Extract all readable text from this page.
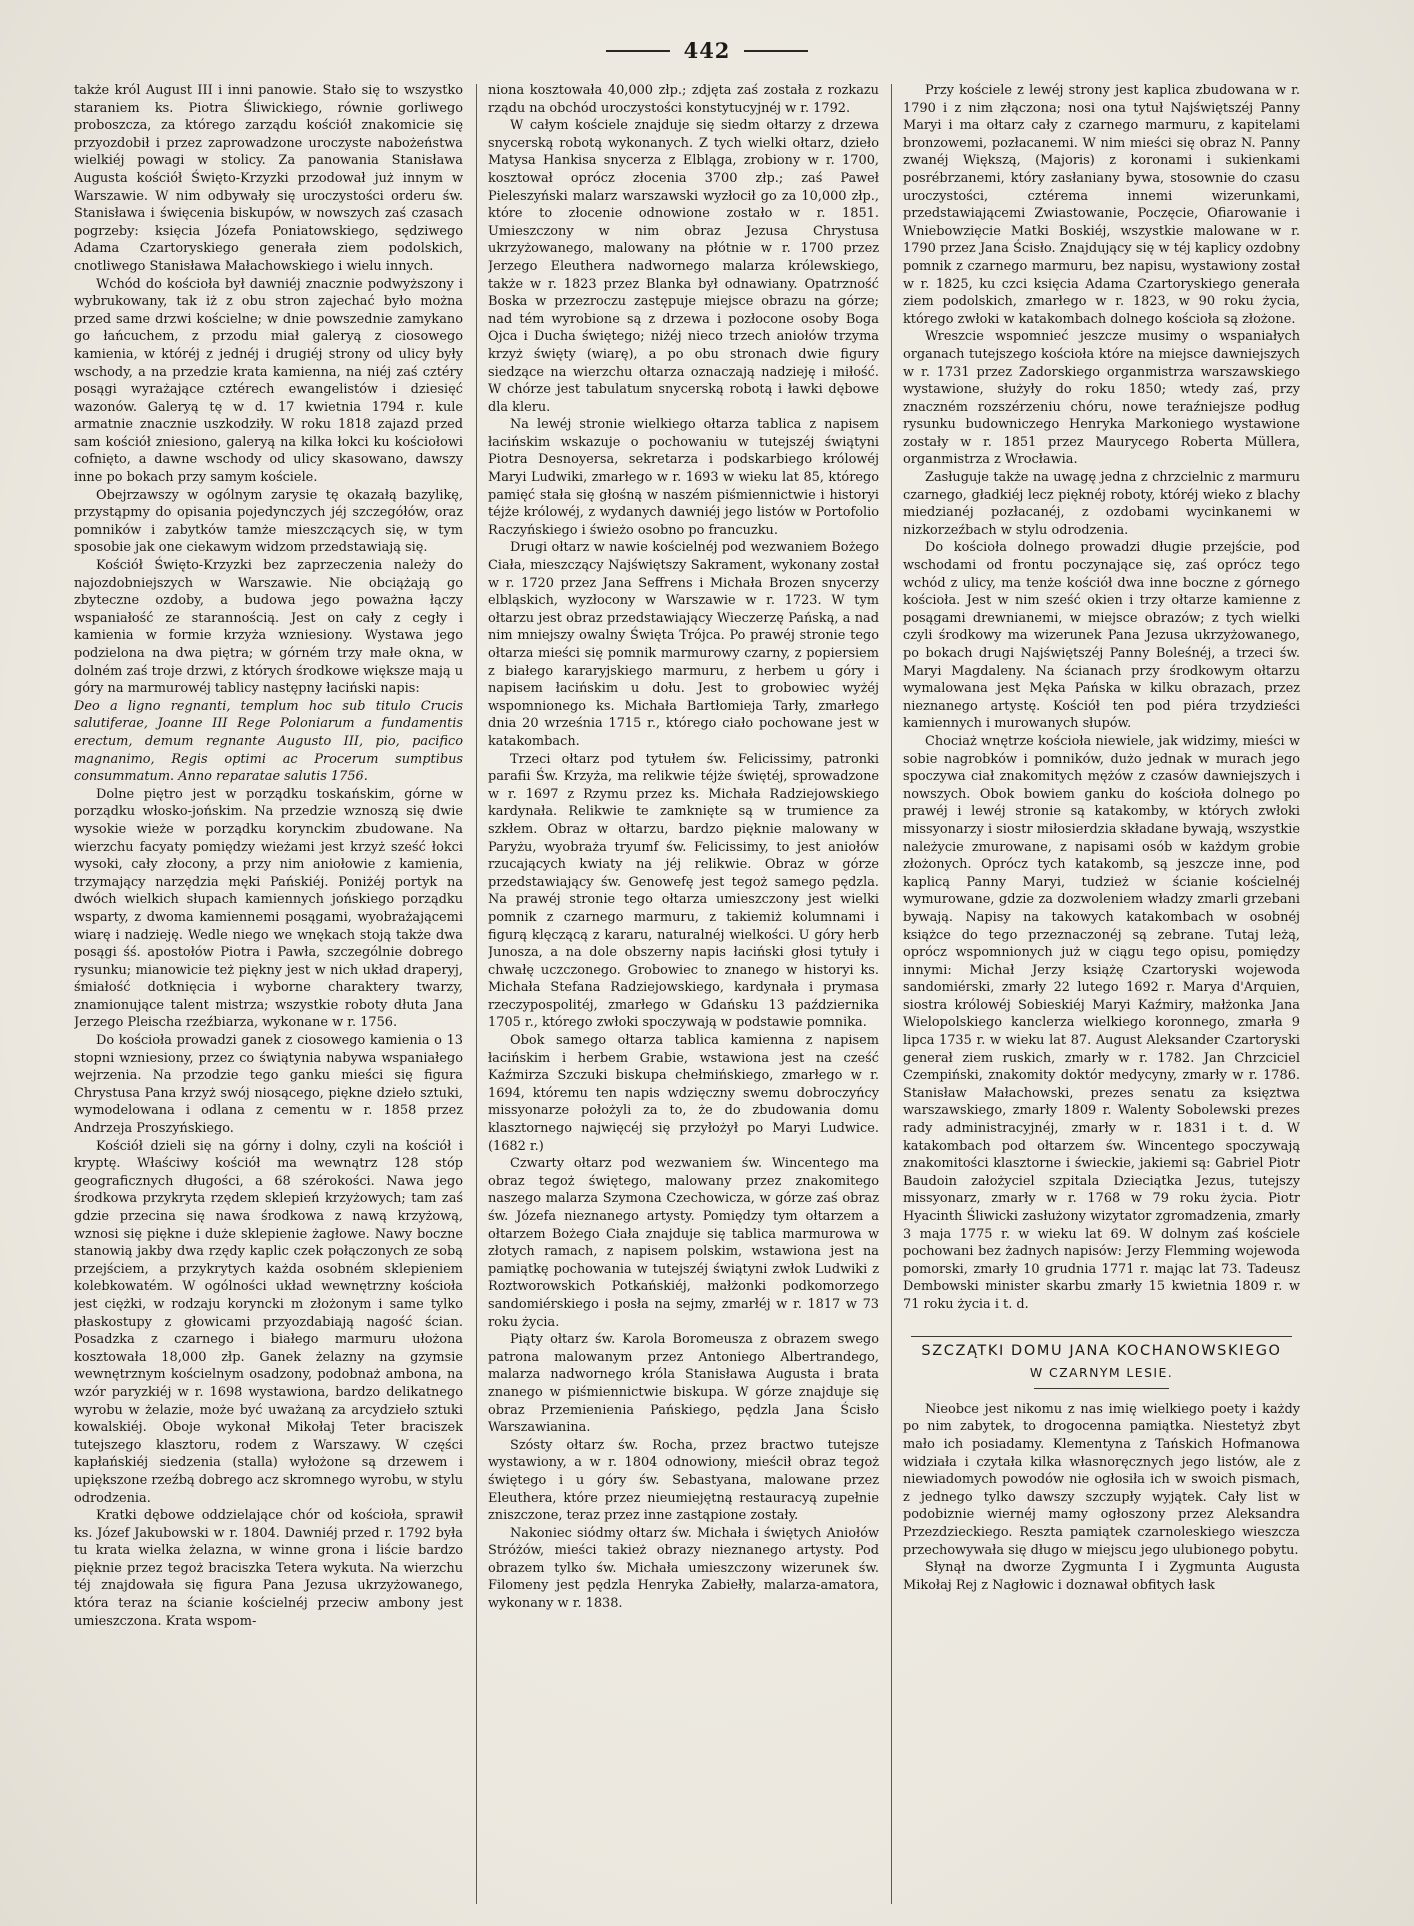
442

także król August III i inni panowie. Stało się to wszystko staraniem ks. Piotra Śliwickiego, równie gorliwego proboszcza, za którego zarządu kościół znakomicie się przyozdobił i przez zaprowadzone uroczyste nabożeństwa wielkiéj powagi w stolicy. Za panowania Stanisława Augusta kościół Święto-Krzyzki przodował już innym w Warszawie. W nim odbywały się uroczystości orderu św. Stanisława i święcenia biskupów, w nowszych zaś czasach pogrzeby: księcia Józefa Poniatowskiego, sędziwego Adama Czartoryskiego generała ziem podolskich, cnotliwego Stanisława Małachowskiego i wielu innych.

Wchód do kościoła był dawniéj znacznie podwyższony i wybrukowany, tak iż z obu stron zajechać było można przed same drzwi kościelne; w dnie powszednie zamykano go łańcuchem, z przodu miał galeryą z ciosowego kamienia, w któréj z jednéj i drugiéj strony od ulicy były wschody, a na przedzie krata kamienna, na niéj zaś cztéry posągi wyrażające cztérech ewangelistów i dziesięć wazonów. Galeryą tę w d. 17 kwietnia 1794 r. kule armatnie znacznie uszkodziły. W roku 1818 zajazd przed sam kościół zniesiono, galeryą na kilka łokci ku kościołowi cofnięto, a dawne wschody od ulicy skasowano, dawszy inne po bokach przy samym kościele.

Obejrzawszy w ogólnym zarysie tę okazałą bazylikę, przystąpmy do opisania pojedynczych jéj szczegółów, oraz pomników i zabytków tamże mieszczących się, w tym sposobie jak one ciekawym widzom przedstawiają się.

Kościół Święto-Krzyzki bez zaprzeczenia należy do najozdobniejszych w Warszawie. Nie obciążają go zbyteczne ozdoby, a budowa jego poważna łączy wspaniałość ze starannością. Jest on cały z cegły i kamienia w formie krzyża wzniesiony. Wystawa jego podzielona na dwa piętra; w górném trzy małe okna, w dolném zaś troje drzwi, z których środkowe większe mają u góry na marmurowéj tablicy następny łaciński napis:

Deo a ligno regnanti, templum hoc sub titulo Crucis salutiferae, Joanne III Rege Poloniarum a fundamentis erectum, demum regnante Augusto III, pio, pacifico magnanimo, Regis optimi ac Procerum sumptibus consummatum. Anno reparatae salutis 1756.

Dolne piętro jest w porządku toskańskim, górne w porządku włosko-jońskim. Na przedzie wznoszą się dwie wysokie wieże w porządku korynckim zbudowane. Na wierzchu facyaty pomiędzy wieżami jest krzyż sześć łokci wysoki, cały złocony, a przy nim aniołowie z kamienia, trzymający narzędzia męki Pańskiéj. Poniżéj portyk na dwóch wielkich słupach kamiennych jońskiego porządku wsparty, z dwoma kamiennemi posągami, wyobrażającemi wiarę i nadzieję. Wedle niego we wnękach stoją także dwa posągi śś. apostołów Piotra i Pawła, szczególnie dobrego rysunku; mianowicie też piękny jest w nich układ draperyj, śmiałość dotknięcia i wyborne charaktery twarzy, znamionujące talent mistrza; wszystkie roboty dłuta Jana Jerzego Pleischa rzeźbiarza, wykonane w r. 1756.

Do kościoła prowadzi ganek z ciosowego kamienia o 13 stopni wzniesiony, przez co świątynia nabywa wspaniałego wejrzenia. Na przodzie tego ganku mieści się figura Chrystusa Pana krzyż swój niosącego, piękne dzieło sztuki, wymodelowana i odlana z cementu w r. 1858 przez Andrzeja Proszyńskiego.

Kościół dzieli się na górny i dolny, czyli na kościół i kryptę. Właściwy kościół ma wewnątrz 128 stóp geograficznych długości, a 68 szérokości. Nawa jego środkowa przykryta rzędem sklepień krzyżowych; tam zaś gdzie przecina się nawa środkowa z nawą krzyżową, wznosi się piękne i duże sklepienie żagłowe. Nawy boczne stanowią jakby dwa rzędy kaplic czek połączonych ze sobą przejściem, a przykrytych każda osobném sklepieniem kolebkowatém. W ogólności układ wewnętrzny kościoła jest ciężki, w rodzaju koryncki m złożonym i same tylko płaskostupy z głowicami przyozdabiają nagość ścian. Posadzka z czarnego i białego marmuru ułożona kosztowała 18,000 złp. Ganek żelazny na gzymsie wewnętrznym kościelnym osadzony, podobnaż ambona, na wzór paryzkiéj w r. 1698 wystawiona, bardzo delikatnego wyrobu w żelazie, może być uważaną za arcydzieło sztuki kowalskiéj. Oboje wykonał Mikołaj Teter braciszek tutejszego klasztoru, rodem z Warszawy. W części kapłańskiéj siedzenia (stalla) wyłożone są drzewem i upiększone rzeźbą dobrego acz skromnego wyrobu, w stylu odrodzenia.

Kratki dębowe oddzielające chór od kościoła, sprawił ks. Józef Jakubowski w r. 1804. Dawniéj przed r. 1792 była tu krata wielka żelazna, w winne grona i liście bardzo pięknie przez tegoż braciszka Tetera wykuta. Na wierzchu téj znajdowała się figura Pana Jezusa ukrzyżowanego, która teraz na ścianie kościelnéj przeciw ambony jest umieszczona. Krata wspom-

niona kosztowała 40,000 złp.; zdjęta zaś została z rozkazu rządu na obchód uroczystości konstytucyjnéj w r. 1792.

W całym kościele znajduje się siedm ołtarzy z drzewa snycerską robotą wykonanych. Z tych wielki ołtarz, dzieło Matysa Hankisa snycerza z Elbląga, zrobiony w r. 1700, kosztował oprócz złocenia 3700 złp.; zaś Paweł Pieleszyński malarz warszawski wyzłocił go za 10,000 złp., które to złocenie odnowione zostało w r. 1851. Umieszczony w nim obraz Jezusa Chrystusa ukrzyżowanego, malowany na płótnie w r. 1700 przez Jerzego Eleuthera nadwornego malarza królewskiego, także w r. 1823 przez Blanka był odnawiany. Opatrzność Boska w przezroczu zastępuje miejsce obrazu na górze; nad tém wyrobione są z drzewa i pozłocone osoby Boga Ojca i Ducha świętego; niżéj nieco trzech aniołów trzyma krzyż święty (wiarę), a po obu stronach dwie figury siedzące na wierzchu ołtarza oznaczają nadzieję i miłość. W chórze jest tabulatum snycerską robotą i ławki dębowe dla kleru.

Na lewéj stronie wielkiego ołtarza tablica z napisem łacińskim wskazuje o pochowaniu w tutejszéj świątyni Piotra Desnoyersa, sekretarza i podskarbiego królowéj Maryi Ludwiki, zmarłego w r. 1693 w wieku lat 85, którego pamięć stała się głośną w naszém piśmiennictwie i historyi téjże królowéj, z wydanych dawniéj jego listów w Portofolio Raczyńskiego i świeżo osobno po francuzku.

Drugi ołtarz w nawie kościelnéj pod wezwaniem Bożego Ciała, mieszczący Najświętszy Sakrament, wykonany został w r. 1720 przez Jana Seffrens i Michała Brozen snycerzy elbląskich, wyzłocony w Warszawie w r. 1723. W tym ołtarzu jest obraz przedstawiający Wieczerzę Pańską, a nad nim mniejszy owalny Święta Trójca. Po prawéj stronie tego ołtarza mieści się pomnik marmurowy czarny, z popiersiem z białego kararyjskiego marmuru, z herbem u góry i napisem łacińskim u dołu. Jest to grobowiec wyżéj wspomnionego ks. Michała Bartłomieja Tarły, zmarłego dnia 20 września 1715 r., którego ciało pochowane jest w katakombach.

Trzeci ołtarz pod tytułem św. Felicissimy, patronki parafii Św. Krzyża, ma relikwie téjże świętéj, sprowadzone w r. 1697 z Rzymu przez ks. Michała Radziejowskiego kardynała. Relikwie te zamknięte są w trumience za szkłem. Obraz w ołtarzu, bardzo pięknie malowany w Paryżu, wyobraża tryumf św. Felicissimy, to jest aniołów rzucających kwiaty na jéj relikwie. Obraz w górze przedstawiający św. Genowefę jest tegoż samego pędzla. Na prawéj stronie tego ołtarza umieszczony jest wielki pomnik z czarnego marmuru, z takiemiż kolumnami i figurą klęczącą z kararu, naturalnéj wielkości. U góry herb Junosza, a na dole obszerny napis łaciński głosi tytuły i chwałę uczczonego. Grobowiec to znanego w historyi ks. Michała Stefana Radziejowskiego, kardynała i prymasa rzeczypospolitéj, zmarłego w Gdańsku 13 października 1705 r., którego zwłoki spoczywają w podstawie pomnika.

Obok samego ołtarza tablica kamienna z napisem łacińskim i herbem Grabie, wstawiona jest na cześć Kaźmirza Szczuki biskupa chełmińskiego, zmarłego w r. 1694, któremu ten napis wdzięczny swemu dobroczyńcy missyonarze położyli za to, że do zbudowania domu klasztornego najwięcéj się przyłożył po Maryi Ludwice. (1682 r.)

Czwarty ołtarz pod wezwaniem św. Wincentego ma obraz tegoż świętego, malowany przez znakomitego naszego malarza Szymona Czechowicza, w górze zaś obraz św. Józefa nieznanego artysty. Pomiędzy tym ołtarzem a ołtarzem Bożego Ciała znajduje się tablica marmurowa w złotych ramach, z napisem polskim, wstawiona jest na pamiątkę pochowania w tutejszéj świątyni zwłok Ludwiki z Roztworowskich Potkańskiéj, małżonki podkomorzego sandomiérskiego i posła na sejmy, zmarłéj w r. 1817 w 73 roku życia.

Piąty ołtarz św. Karola Boromeusza z obrazem swego patrona malowanym przez Antoniego Albertrandego, malarza nadwornego króla Stanisława Augusta i brata znanego w piśmiennictwie biskupa. W górze znajduje się obraz Przemienienia Pańskiego, pędzla Jana Ścisło Warszawianina.

Szósty ołtarz św. Rocha, przez bractwo tutejsze wystawiony, a w r. 1804 odnowiony, mieścił obraz tegoż świętego i u góry św. Sebastyana, malowane przez Eleuthera, które przez nieumiejętną restauracyą zupełnie zniszczone, teraz przez inne zastąpione zostały.

Nakoniec siódmy ołtarz św. Michała i świętych Aniołów Stróżów, mieści takież obrazy nieznanego artysty. Pod obrazem tylko św. Michała umieszczony wizerunek św. Filomeny jest pędzla Henryka Zabiełły, malarza-amatora, wykonany w r. 1838.

Przy kościele z lewéj strony jest kaplica zbudowana w r. 1790 i z nim złączona; nosi ona tytuł Najświętszéj Panny Maryi i ma ołtarz cały z czarnego marmuru, z kapitelami bronzowemi, pozłacanemi. W nim mieści się obraz N. Panny zwanéj Większą, (Majoris) z koronami i sukienkami posrébrzanemi, który zasłaniany bywa, stosownie do czasu uroczystości, cztérema innemi wizerunkami, przedstawiającemi Zwiastowanie, Poczęcie, Ofiarowanie i Wniebowzięcie Matki Boskiéj, wszystkie malowane w r. 1790 przez Jana Ścisło. Znajdujący się w téj kaplicy ozdobny pomnik z czarnego marmuru, bez napisu, wystawiony został w r. 1825, ku czci księcia Adama Czartoryskiego generała ziem podolskich, zmarłego w r. 1823, w 90 roku życia, którego zwłoki w katakombach dolnego kościoła są złożone.

Wreszcie wspomnieć jeszcze musimy o wspaniałych organach tutejszego kościoła które na miejsce dawniejszych w r. 1731 przez Zadorskiego organmistrza warszawskiego wystawione, służyły do roku 1850; wtedy zaś, przy znaczném rozszérzeniu chóru, nowe teraźniejsze podług rysunku budowniczego Henryka Markoniego wystawione zostały w r. 1851 przez Maurycego Roberta Müllera, organmistrza z Wrocławia.

Zasługuje także na uwagę jedna z chrzcielnic z marmuru czarnego, gładkiéj lecz pięknéj roboty, któréj wieko z blachy miedzianéj pozłacanéj, z ozdobami wycinkanemi w nizkorzeźbach w stylu odrodzenia.

Do kościoła dolnego prowadzi długie przejście, pod wschodami od frontu poczynające się, zaś oprócz tego wchód z ulicy, ma tenże kościół dwa inne boczne z górnego kościoła. Jest w nim sześć okien i trzy ołtarze kamienne z posągami drewnianemi, w miejsce obrazów; z tych wielki czyli środkowy ma wizerunek Pana Jezusa ukrzyżowanego, po bokach drugi Najświętszéj Panny Boleśnéj, a trzeci św. Maryi Magdaleny. Na ścianach przy środkowym ołtarzu wymalowana jest Męka Pańska w kilku obrazach, przez nieznanego artystę. Kościół ten pod piéra trzydzieści kamiennych i murowanych słupów.

Chociaż wnętrze kościoła niewiele, jak widzimy, mieści w sobie nagrobków i pomników, dużo jednak w murach jego spoczywa ciał znakomitych mężów z czasów dawniejszych i nowszych. Obok bowiem ganku do kościoła dolnego po prawéj i lewéj stronie są katakomby, w których zwłoki missyonarzy i siostr miłosierdzia składane bywają, wszystkie należycie zmurowane, z napisami osób w każdym grobie złożonych. Oprócz tych katakomb, są jeszcze inne, pod kaplicą Panny Maryi, tudzież w ścianie kościelnéj wymurowane, gdzie za dozwoleniem władzy zmarli grzebani bywają. Napisy na takowych katakombach w osobnéj książce do tego przeznaczonéj są zebrane. Tutaj leżą, oprócz wspomnionych już w ciągu tego opisu, pomiędzy innymi: Michał Jerzy książę Czartoryski wojewoda sandomiérski, zmarły 22 lutego 1692 r. Marya d'Arquien, siostra królowéj Sobieskiéj Maryi Kaźmiry, małżonka Jana Wielopolskiego kanclerza wielkiego koronnego, zmarła 9 lipca 1735 r. w wieku lat 87. August Aleksander Czartoryski generał ziem ruskich, zmarły w r. 1782. Jan Chrzciciel Czempiński, znakomity doktór medycyny, zmarły w r. 1786. Stanisław Małachowski, prezes senatu za księztwa warszawskiego, zmarły 1809 r. Walenty Sobolewski prezes rady administracyjnéj, zmarły w r. 1831 i t. d. W katakombach pod ołtarzem św. Wincentego spoczywają znakomitości klasztorne i świeckie, jakiemi są: Gabriel Piotr Baudoin założyciel szpitala Dzieciątka Jezus, tutejszy missyonarz, zmarły w r. 1768 w 79 roku życia. Piotr Hyacinth Śliwicki zasłużony wizytator zgromadzenia, zmarły 3 maja 1775 r. w wieku lat 69. W dolnym zaś kościele pochowani bez żadnych napisów: Jerzy Flemming wojewoda pomorski, zmarły 10 grudnia 1771 r. mając lat 73. Tadeusz Dembowski minister skarbu zmarły 15 kwietnia 1809 r. w 71 roku życia i t. d.

SZCZĄTKI DOMU JANA KOCHANOWSKIEGO
W CZARNYM LESIE.

Nieobce jest nikomu z nas imię wielkiego poety i każdy po nim zabytek, to drogocenna pamiątka. Niestetyż zbyt mało ich posiadamy. Klementyna z Tańskich Hofmanowa widziała i czytała kilka własnoręcznych jego listów, ale z niewiadomych powodów nie ogłosiła ich w swoich pismach, z jednego tylko dawszy szczupły wyjątek. Cały list w podobiznie wiernéj mamy ogłoszony przez Aleksandra Przezdzieckiego. Reszta pamiątek czarnoleskiego wieszcza przechowywała się długo w miejscu jego ulubionego pobytu.

Słynął na dworze Zygmunta I i Zygmunta Augusta Mikołaj Rej z Nagłowic i doznawał obfitych łask
